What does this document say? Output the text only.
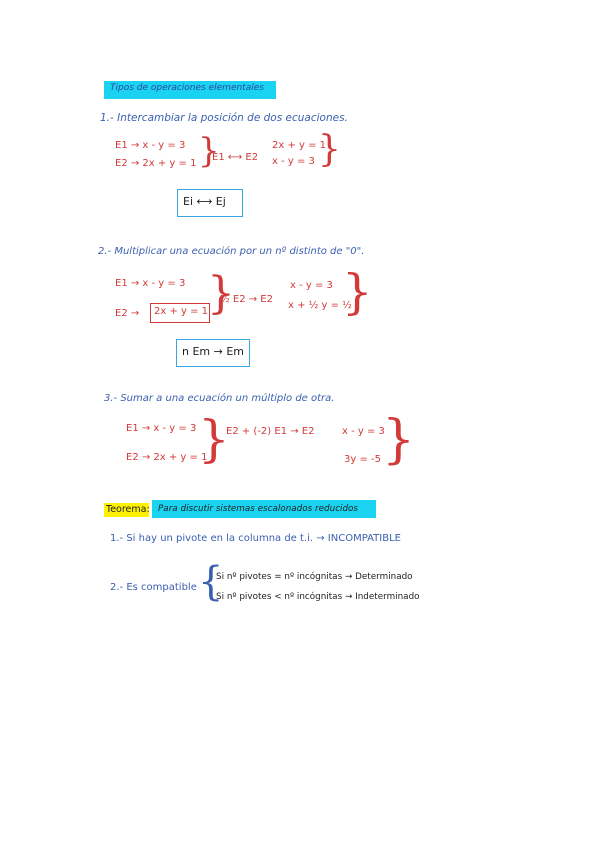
Tipos de operaciones elementales
1.- Intercambiar la posición de dos ecuaciones.
E1 → x - y = 3
E2 → 2x + y = 1 }
E1 ⟷ E2
2x + y = 1
x - y = 3 }
Ei ⟷ Ej
2.- Multiplicar una ecuación por un nº distinto de "0".
E1 → x - y = 3
E2 → 2x + y = 1
}
½ E2 → E2
x - y = 3
x + ½ y = ½
}
n Em → Em
3.- Sumar a una ecuación un múltiplo de otra.
E1 → x - y = 3
E2 → 2x + y = 1
}
E2 + (-2) E1 → E2	x - y = 3
3y = -5 }
Teorema: Para discutir sistemas escalonados reducidos
1.- Si hay un pivote en la columna de t.i. → INCOMPATIBLE
2.- Es compatible {
Si nº pivotes = nº incógnitas → Determinado
Si nº pivotes < nº incógnitas → Indeterminado
